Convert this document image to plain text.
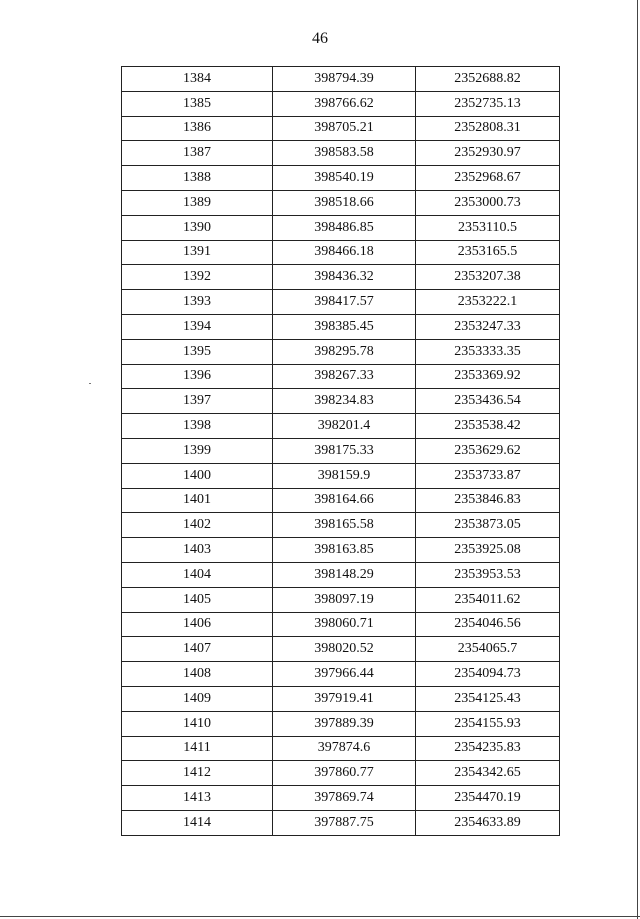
46
1384	398794.39	2352688.82
1385	398766.62	2352735.13
1386	398705.21	2352808.31
1387	398583.58	2352930.97
1388	398540.19	2352968.67
1389	398518.66	2353000.73
1390	398486.85	2353110.5
1391	398466.18	2353165.5
1392	398436.32	2353207.38
1393	398417.57	2353222.1
1394	398385.45	2353247.33
1395	398295.78	2353333.35
1396	398267.33	2353369.92
1397	398234.83	2353436.54
1398	398201.4	2353538.42
1399	398175.33	2353629.62
1400	398159.9	2353733.87
1401	398164.66	2353846.83
1402	398165.58	2353873.05
1403	398163.85	2353925.08
1404	398148.29	2353953.53
1405	398097.19	2354011.62
1406	398060.71	2354046.56
1407	398020.52	2354065.7
1408	397966.44	2354094.73
1409	397919.41	2354125.43
1410	397889.39	2354155.93
1411	397874.6	2354235.83
1412	397860.77	2354342.65
1413	397869.74	2354470.19
1414	397887.75	2354633.89
